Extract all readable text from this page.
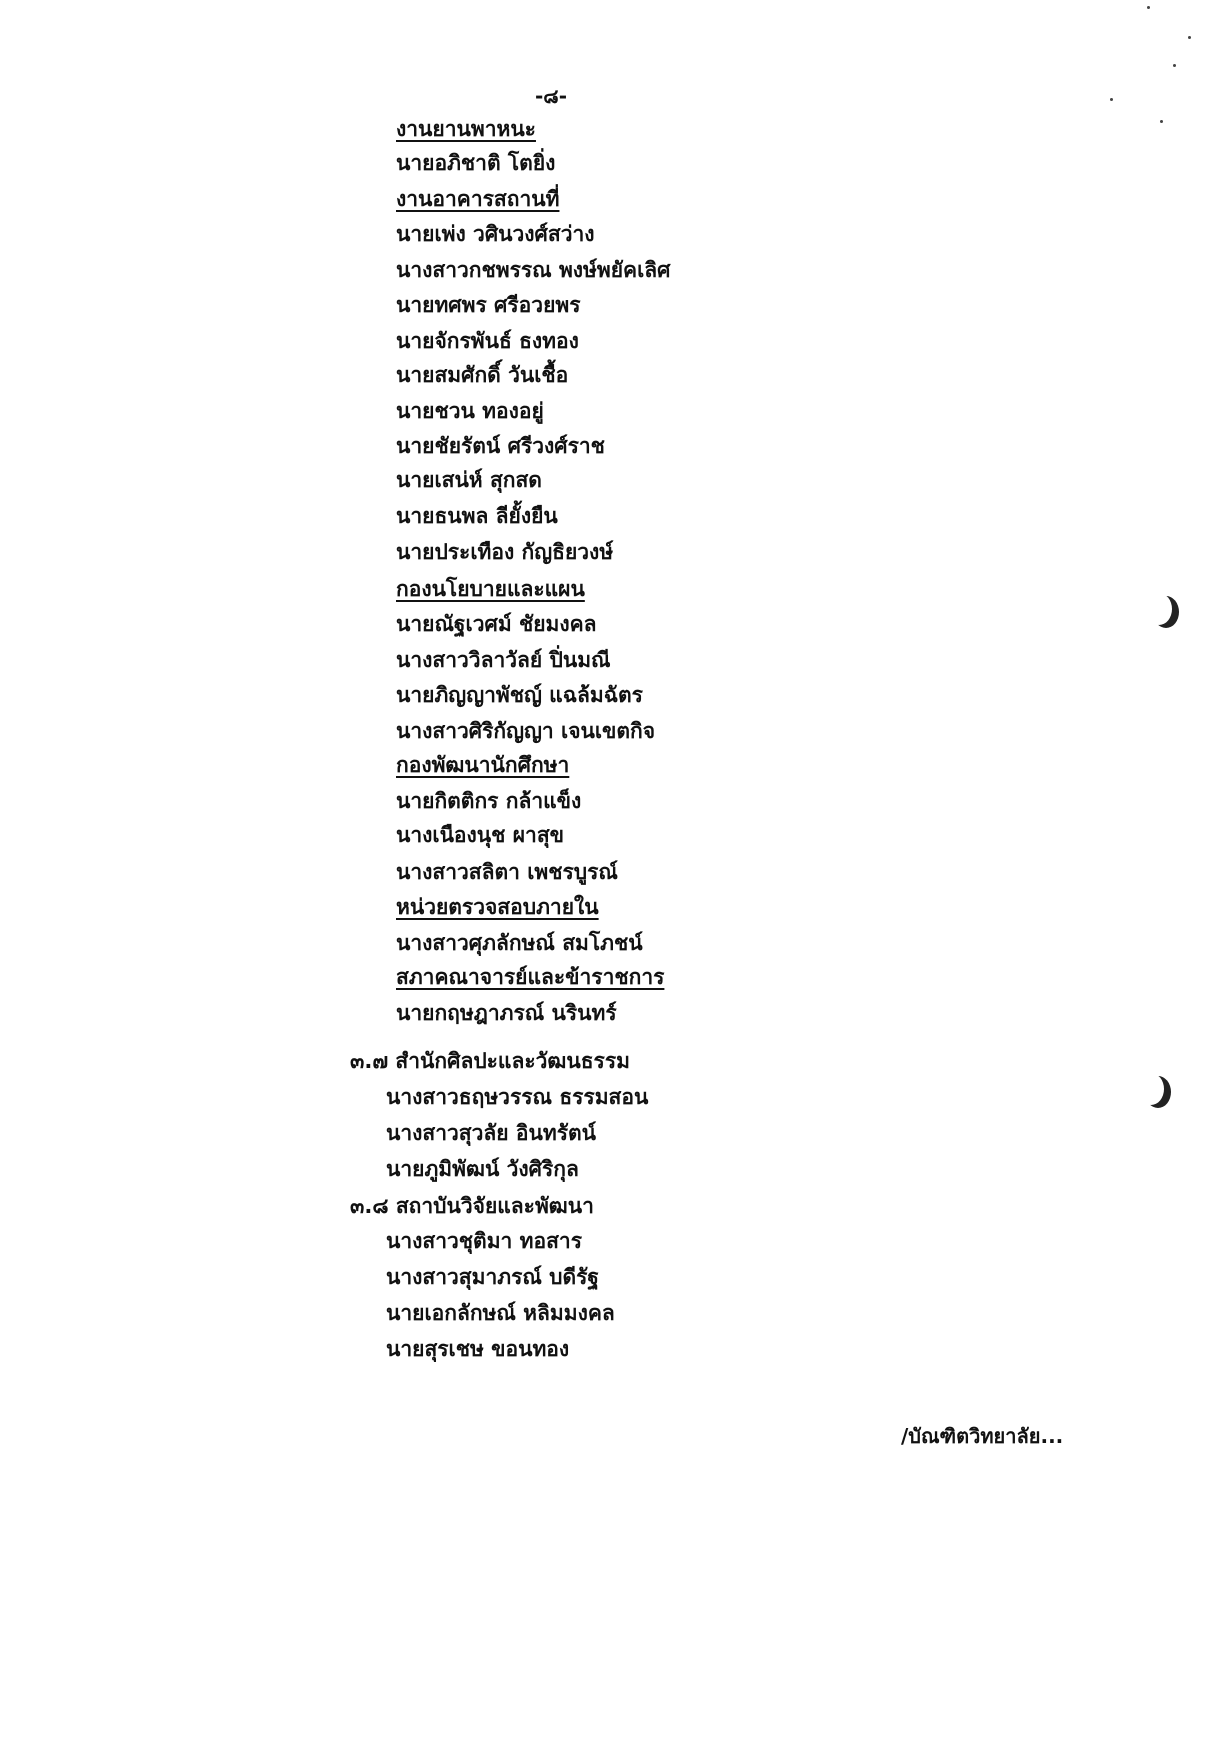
-๘-
งานยานพาหนะ
นายอภิชาติ โตยิ่ง
งานอาคารสถานที่
นายเพ่ง วศินวงศ์สว่าง
นางสาวกชพรรณ พงษ์พยัคเลิศ
นายทศพร ศรีอวยพร
นายจักรพันธ์ ธงทอง
นายสมศักดิ์ วันเชื้อ
นายชวน ทองอยู่
นายชัยรัตน์ ศรีวงศ์ราช
นายเสน่ห์ สุกสด
นายธนพล ลียั้งยืน
นายประเทือง กัญธิยวงษ์
กองนโยบายและแผน
นายณัฐเวศม์ ชัยมงคล
นางสาววิลาวัลย์ ปิ่นมณี
นายภิญญาพัชญ์ แฉล้มฉัตร
นางสาวศิริกัญญา เจนเขตกิจ
กองพัฒนานักศึกษา
นายกิตติกร กล้าแข็ง
นางเนืองนุช ผาสุข
นางสาวสลิตา เพชรบูรณ์
หน่วยตรวจสอบภายใน
นางสาวศุภลักษณ์ สมโภชน์
สภาคณาจารย์และข้าราชการ
นายกฤษฎาภรณ์ นรินทร์
๓.๗ สำนักศิลปะและวัฒนธรรม
นางสาวธฤษวรรณ ธรรมสอน
นางสาวสุวลัย อินทรัตน์
นายภูมิพัฒน์ วังศิริกุล
๓.๘ สถาบันวิจัยและพัฒนา
นางสาวชุติมา ทอสาร
นางสาวสุมาภรณ์ บดีรัฐ
นายเอกลักษณ์ หลิมมงคล
นายสุรเชษ ขอนทอง
/บัณฑิตวิทยาลัย...
